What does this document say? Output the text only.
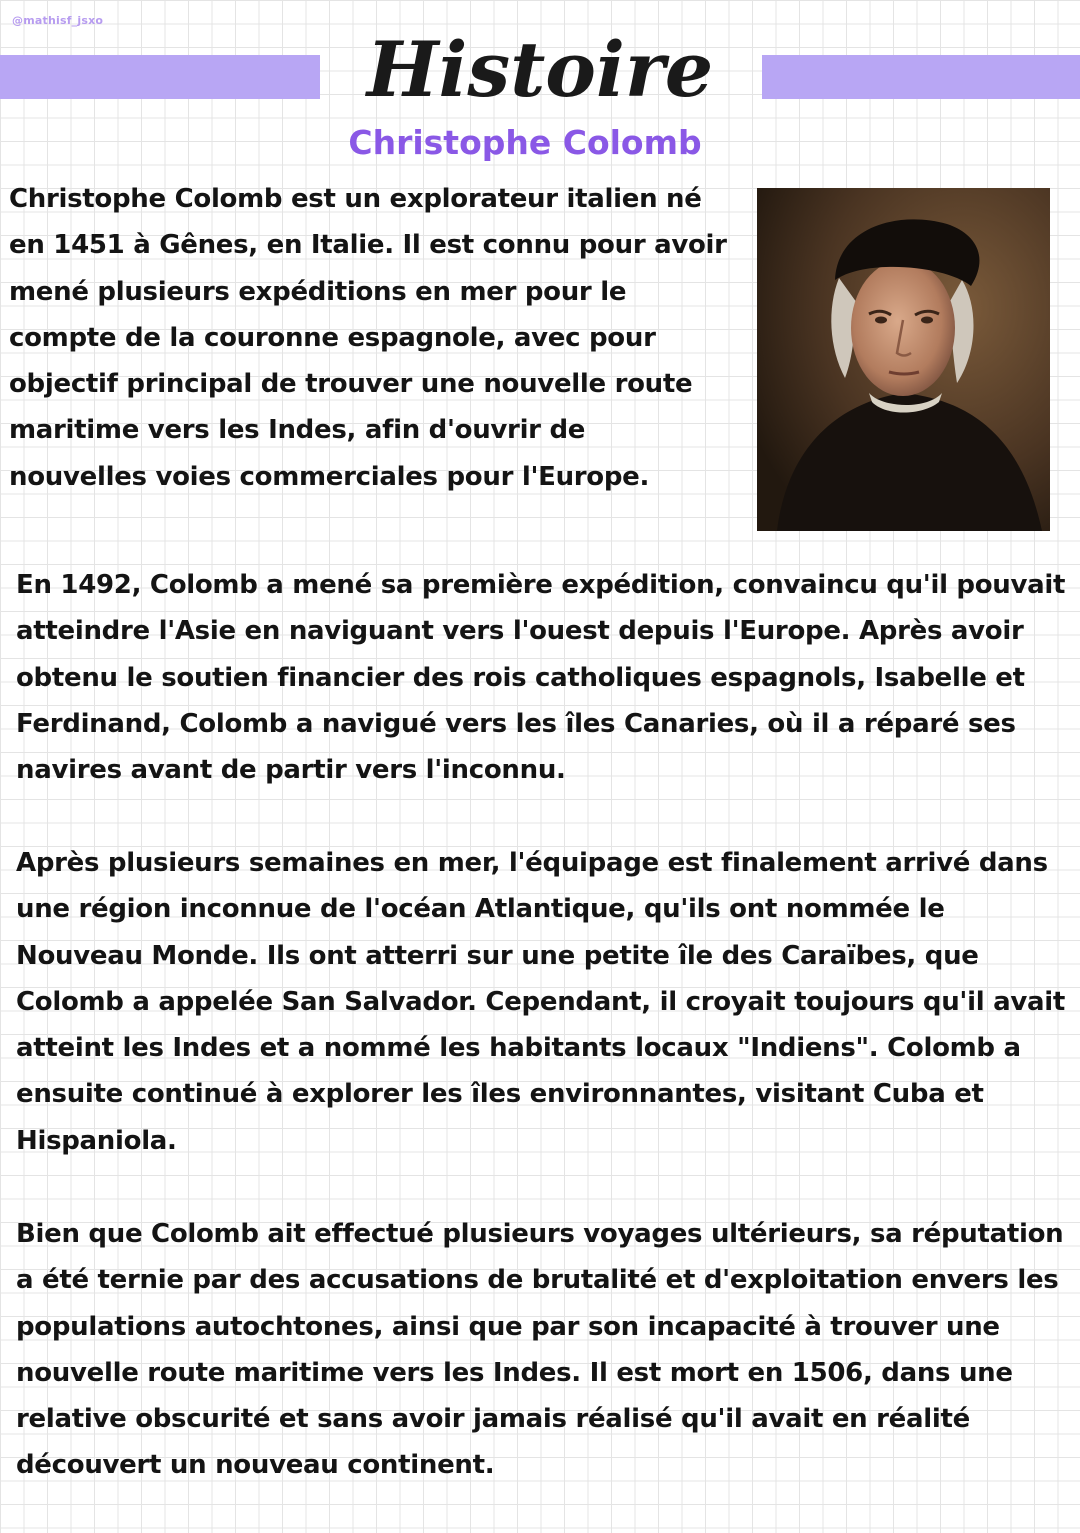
@mathisf_jsxo
Histoire
Christophe Colomb

Christophe Colomb est un explorateur italien né en 1451 à Gênes, en Italie. Il est connu pour avoir mené plusieurs expéditions en mer pour le compte de la couronne espagnole, avec pour objectif principal de trouver une nouvelle route maritime vers les Indes, afin d'ouvrir de nouvelles voies commerciales pour l'Europe.

En 1492, Colomb a mené sa première expédition, convaincu qu'il pouvait atteindre l'Asie en naviguant vers l'ouest depuis l'Europe. Après avoir obtenu le soutien financier des rois catholiques espagnols, Isabelle et Ferdinand, Colomb a navigué vers les îles Canaries, où il a réparé ses navires avant de partir vers l'inconnu.

Après plusieurs semaines en mer, l'équipage est finalement arrivé dans une région inconnue de l'océan Atlantique, qu'ils ont nommée le Nouveau Monde. Ils ont atterri sur une petite île des Caraïbes, que Colomb a appelée San Salvador. Cependant, il croyait toujours qu'il avait atteint les Indes et a nommé les habitants locaux "Indiens". Colomb a ensuite continué à explorer les îles environnantes, visitant Cuba et Hispaniola.

Bien que Colomb ait effectué plusieurs voyages ultérieurs, sa réputation a été ternie par des accusations de brutalité et d'exploitation envers les populations autochtones, ainsi que par son incapacité à trouver une nouvelle route maritime vers les Indes. Il est mort en 1506, dans une relative obscurité et sans avoir jamais réalisé qu'il avait en réalité découvert un nouveau continent.
